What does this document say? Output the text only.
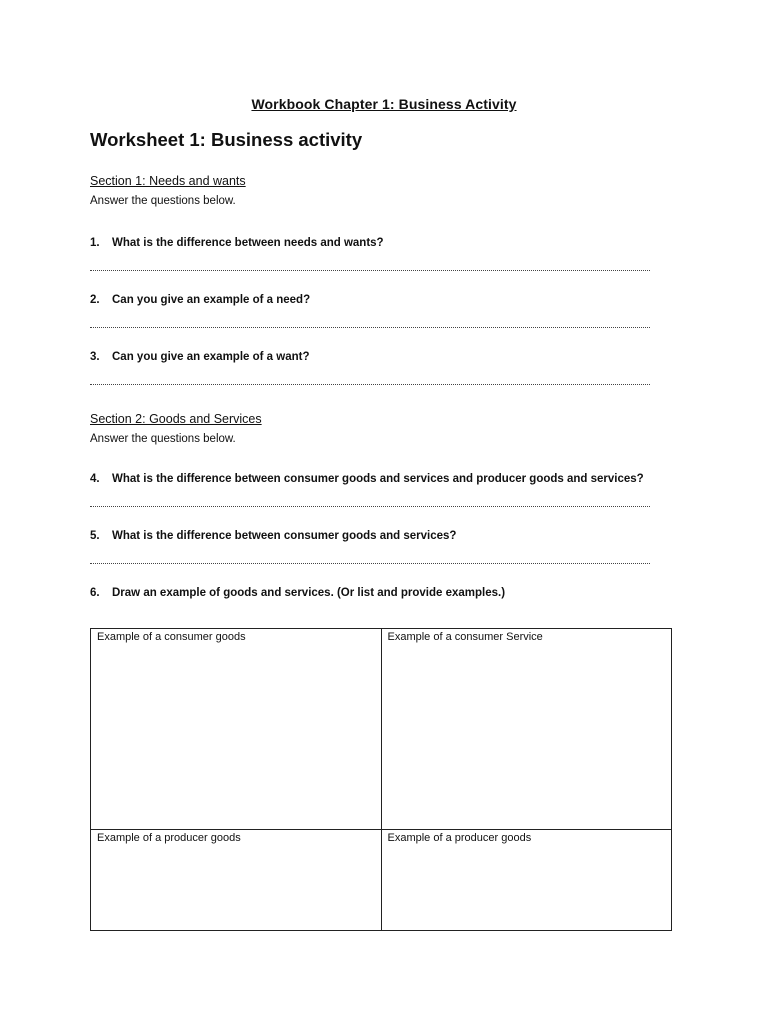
Workbook Chapter 1: Business Activity
Worksheet 1: Business activity
Section 1: Needs and wants
Answer the questions below.
1. What is the difference between needs and wants?
2. Can you give an example of a need?
3. Can you give an example of a want?
Section 2: Goods and Services
Answer the questions below.
4. What is the difference between consumer goods and services and producer goods and services?
5. What is the difference between consumer goods and services?
6. Draw an example of goods and services. (Or list and provide examples.)
Example of a consumer goods	Example of a consumer Service
Example of a producer goods	Example of a producer goods
